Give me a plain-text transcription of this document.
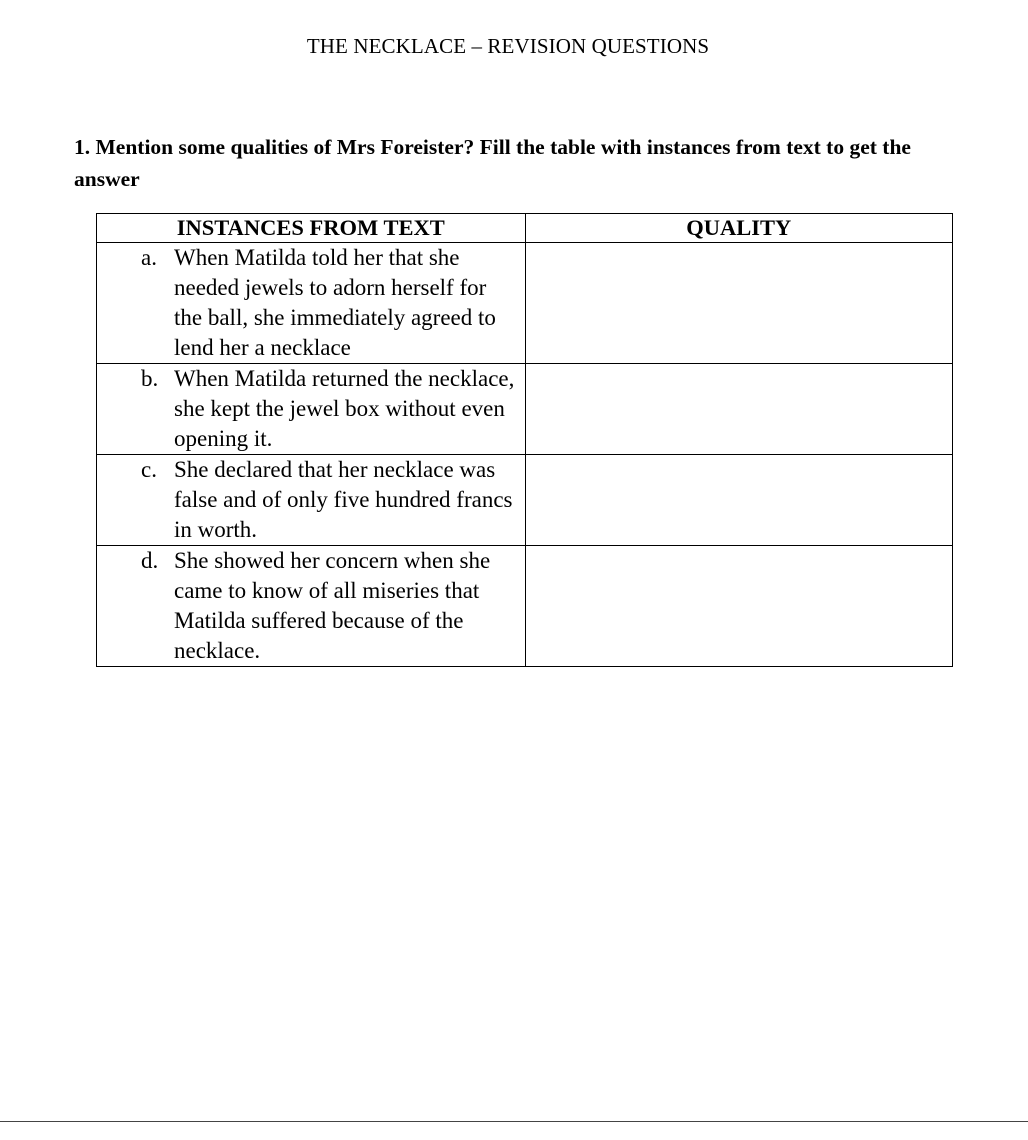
THE NECKLACE – REVISION QUESTIONS
1. Mention some qualities of Mrs Foreister? Fill the table with instances from text to get the answer
INSTANCES FROM TEXT	QUALITY

a. When Matilda told her that she needed jewels to adorn herself for the ball, she immediately agreed to lend her a necklace	

b. When Matilda returned the necklace, she kept the jewel box without even opening it.	

c. She declared that her necklace was false and of only five hundred francs in worth.	

d. She showed her concern when she came to know of all miseries that Matilda suffered because of the necklace.	
